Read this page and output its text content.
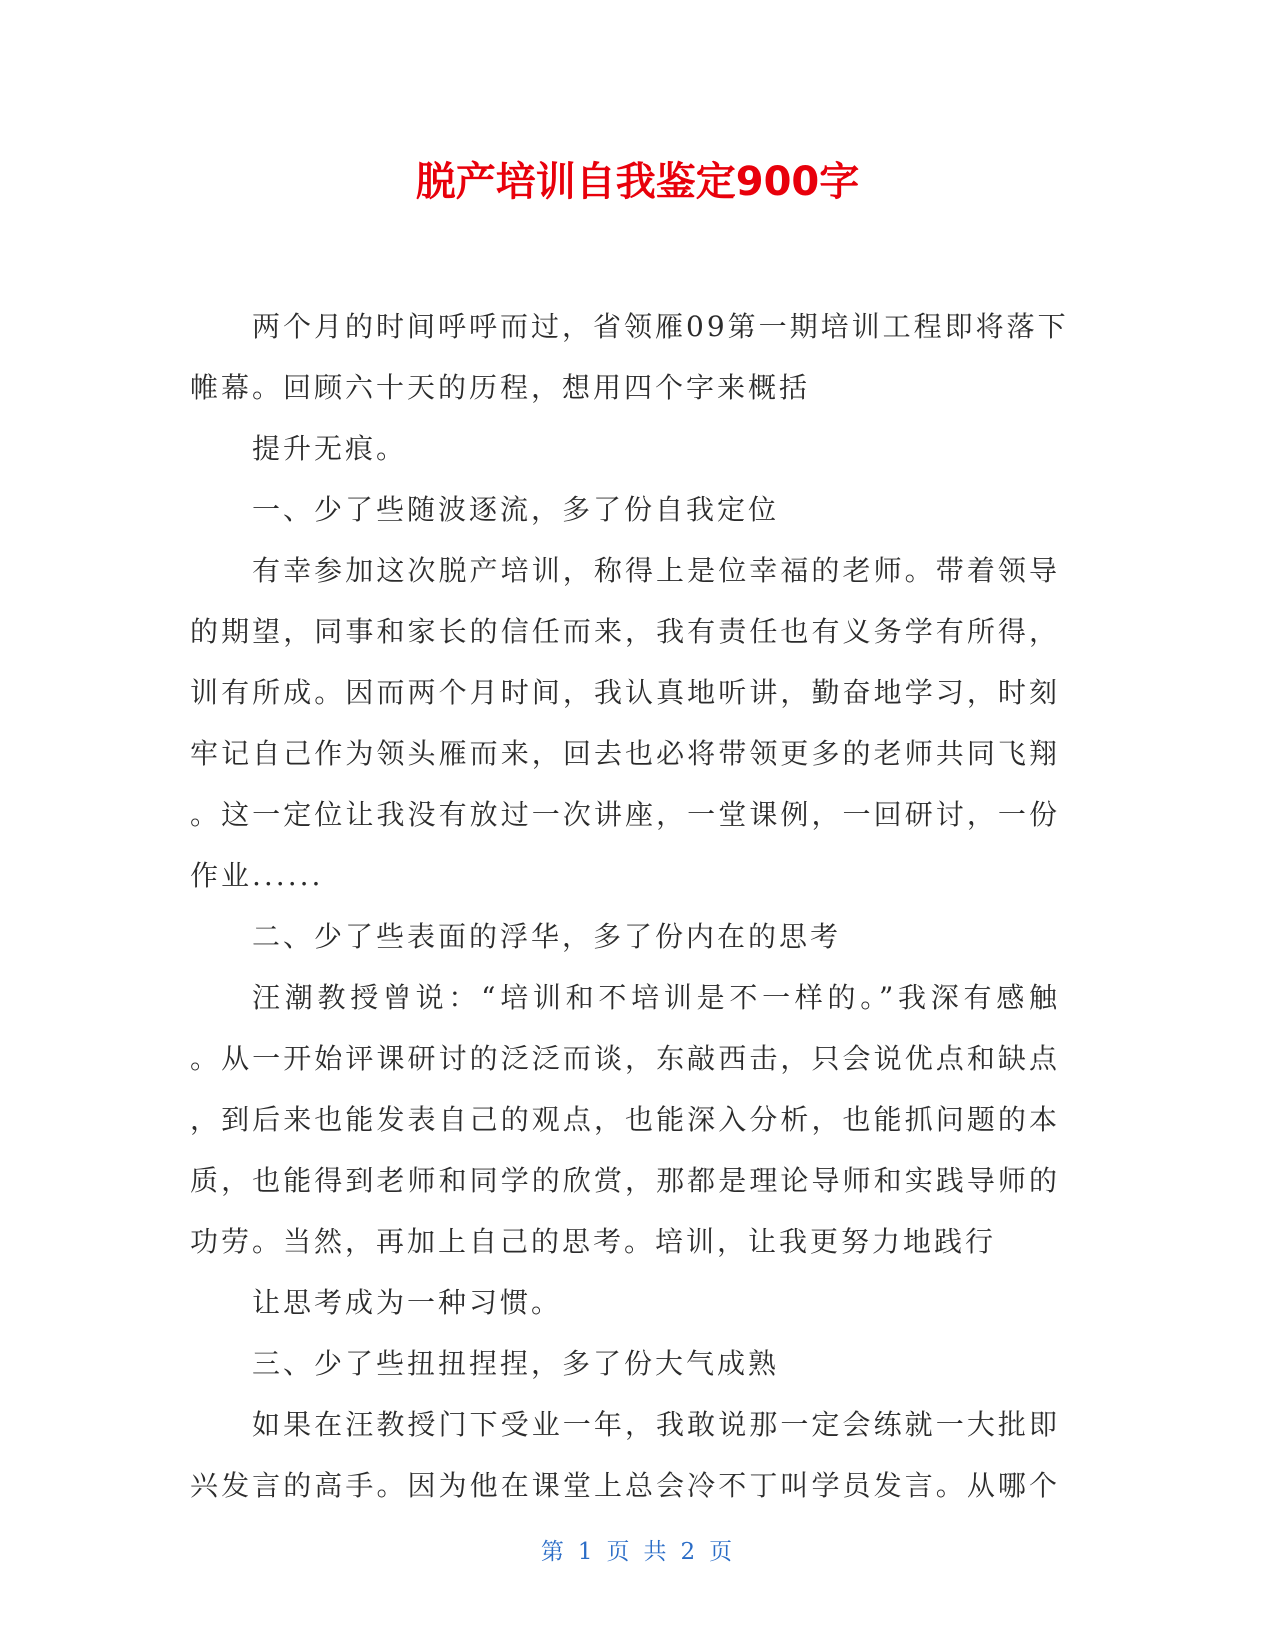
脱产培训自我鉴定900字
两个月的时间呼呼而过，省领雁09第一期培训工程即将落下
帷幕。回顾六十天的历程，想用四个字来概括
提升无痕。
一、少了些随波逐流，多了份自我定位
有幸参加这次脱产培训，称得上是位幸福的老师。带着领导
的期望，同事和家长的信任而来，我有责任也有义务学有所得，
训有所成。因而两个月时间，我认真地听讲，勤奋地学习，时刻
牢记自己作为领头雁而来，回去也必将带领更多的老师共同飞翔
。这一定位让我没有放过一次讲座，一堂课例，一回研讨，一份
作业......
二、少了些表面的浮华，多了份内在的思考
汪潮教授曾说：“培训和不培训是不一样的。”我深有感触
。从一开始评课研讨的泛泛而谈，东敲西击，只会说优点和缺点
，到后来也能发表自己的观点，也能深入分析，也能抓问题的本
质，也能得到老师和同学的欣赏，那都是理论导师和实践导师的
功劳。当然，再加上自己的思考。培训，让我更努力地践行
让思考成为一种习惯。
三、少了些扭扭捏捏，多了份大气成熟
如果在汪教授门下受业一年，我敢说那一定会练就一大批即
兴发言的高手。因为他在课堂上总会冷不丁叫学员发言。从哪个
第 1 页 共 2 页
